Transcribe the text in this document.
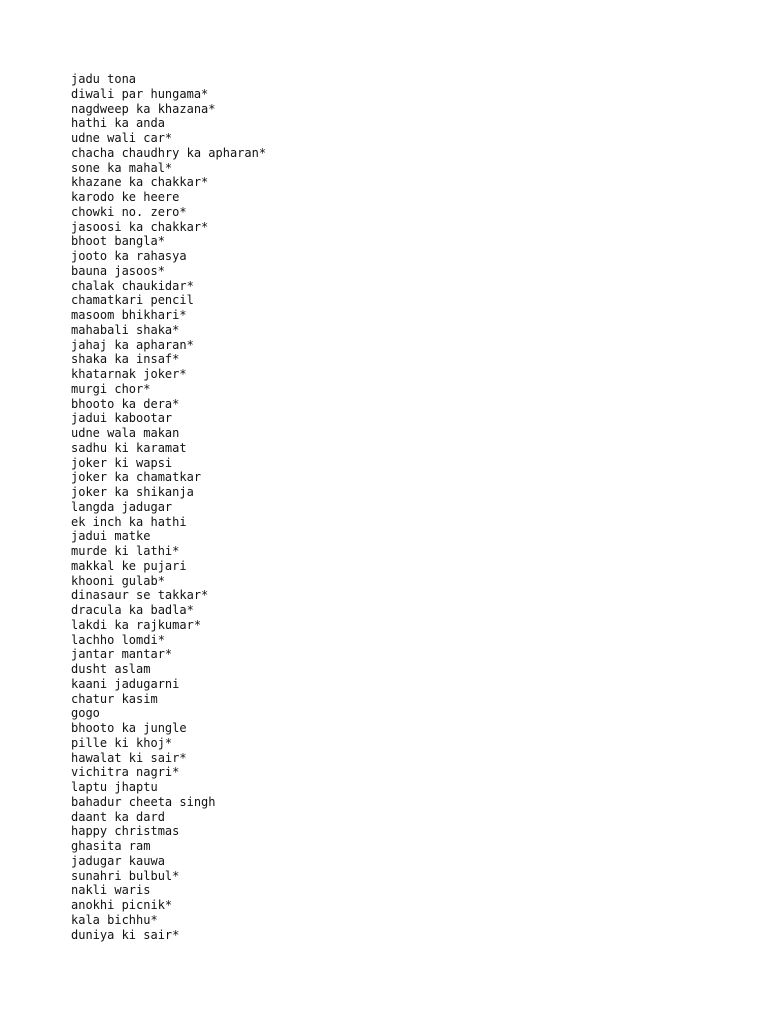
jadu tona
diwali par hungama*
nagdweep ka khazana*
hathi ka anda
udne wali car*
chacha chaudhry ka apharan*
sone ka mahal*
khazane ka chakkar*
karodo ke heere
chowki no. zero*
jasoosi ka chakkar*
bhoot bangla*
jooto ka rahasya
bauna jasoos*
chalak chaukidar*
chamatkari pencil
masoom bhikhari*
mahabali shaka*
jahaj ka apharan*
shaka ka insaf*
khatarnak joker*
murgi chor*
bhooto ka dera*
jadui kabootar
udne wala makan
sadhu ki karamat
joker ki wapsi
joker ka chamatkar
joker ka shikanja
langda jadugar
ek inch ka hathi
jadui matke
murde ki lathi*
makkal ke pujari
khooni gulab*
dinasaur se takkar*
dracula ka badla*
lakdi ka rajkumar*
lachho lomdi*
jantar mantar*
dusht aslam
kaani jadugarni
chatur kasim
gogo
bhooto ka jungle
pille ki khoj*
hawalat ki sair*
vichitra nagri*
laptu jhaptu
bahadur cheeta singh
daant ka dard
happy christmas
ghasita ram
jadugar kauwa
sunahri bulbul*
nakli waris
anokhi picnik*
kala bichhu*
duniya ki sair*
